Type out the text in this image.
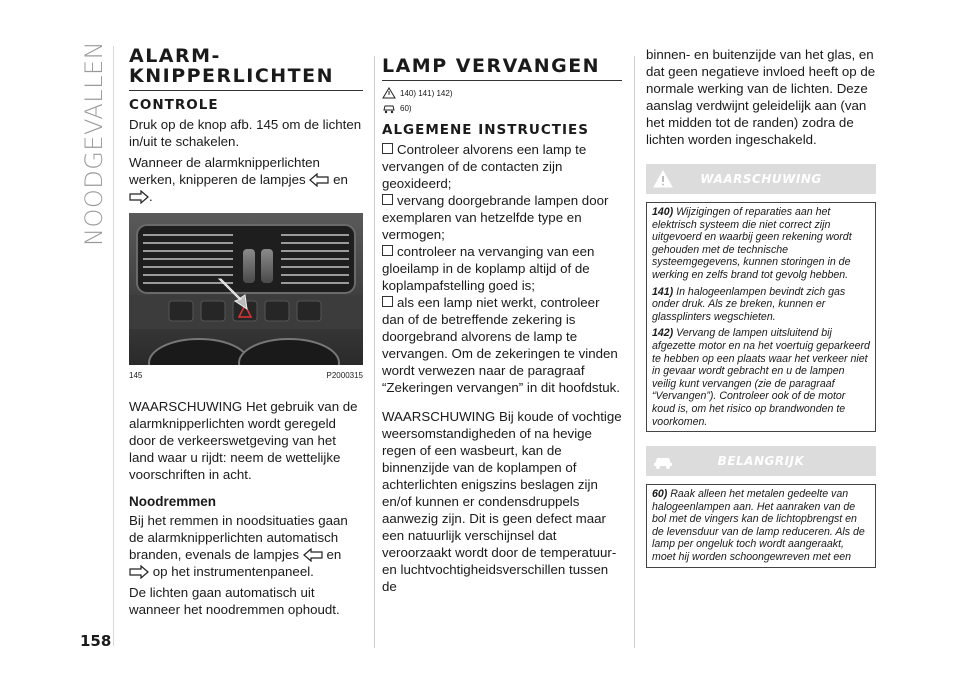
NOODGEVALLEN
158
ALARM-
KNIPPERLICHTEN
CONTROLE

Druk op de knop afb. 145 om de lichten in/uit te schakelen.

Wanneer de alarmknipperlichten werken, knipperen de lampjes en .

145	P2000315

WAARSCHUWING Het gebruik van de alarmknipperlichten wordt geregeld door de verkeerswetgeving van het land waar u rijdt: neem de wettelijke voorschriften in acht.

Noodremmen

Bij het remmen in noodsituaties gaan de alarmknipperlichten automatisch branden, evenals de lampjes en  op het instrumentenpaneel.

De lichten gaan automatisch uit wanneer het noodremmen ophoudt.

LAMP VERVANGEN
140) 141) 142)
60)
ALGEMENE INSTRUCTIES

Controleer alvorens een lamp te vervangen of de contacten zijn geoxideerd;

vervang doorgebrande lampen door exemplaren van hetzelfde type en vermogen;

controleer na vervanging van een gloeilamp in de koplamp altijd of de koplampafstelling goed is;

als een lamp niet werkt, controleer dan of de betreffende zekering is doorgebrand alvorens de lamp te vervangen. Om de zekeringen te vinden wordt verwezen naar de paragraaf “Zekeringen vervangen” in dit hoofdstuk.

WAARSCHUWING Bij koude of vochtige weersomstandigheden of na hevige regen of een wasbeurt, kan de binnenzijde van de koplampen of achterlichten enigszins beslagen zijn en/of kunnen er condensdruppels aanwezig zijn. Dit is geen defect maar een natuurlijk verschijnsel dat veroorzaakt wordt door de temperatuur- en luchtvochtigheidsverschillen tussen de

binnen- en buitenzijde van het glas, en dat geen negatieve invloed heeft op de normale werking van de lichten. Deze aanslag verdwijnt geleidelijk aan (van het midden tot de randen) zodra de lichten worden ingeschakeld.

WAARSCHUWING

140) Wijzigingen of reparaties aan het elektrisch systeem die niet correct zijn uitgevoerd en waarbij geen rekening wordt gehouden met de technische systeemgegevens, kunnen storingen in de werking en zelfs brand tot gevolg hebben.

141) In halogeenlampen bevindt zich gas onder druk. Als ze breken, kunnen er glassplinters wegschieten.

142) Vervang de lampen uitsluitend bij afgezette motor en na het voertuig geparkeerd te hebben op een plaats waar het verkeer niet in gevaar wordt gebracht en u de lampen veilig kunt vervangen (zie de paragraaf “Vervangen”). Controleer ook of de motor koud is, om het risico op brandwonden te voorkomen.

BELANGRIJK

60) Raak alleen het metalen gedeelte van halogeenlampen aan. Het aanraken van de bol met de vingers kan de lichtopbrengst en de levensduur van de lamp reduceren. Als de lamp per ongeluk toch wordt aangeraakt, moet hij worden schoongewreven met een
